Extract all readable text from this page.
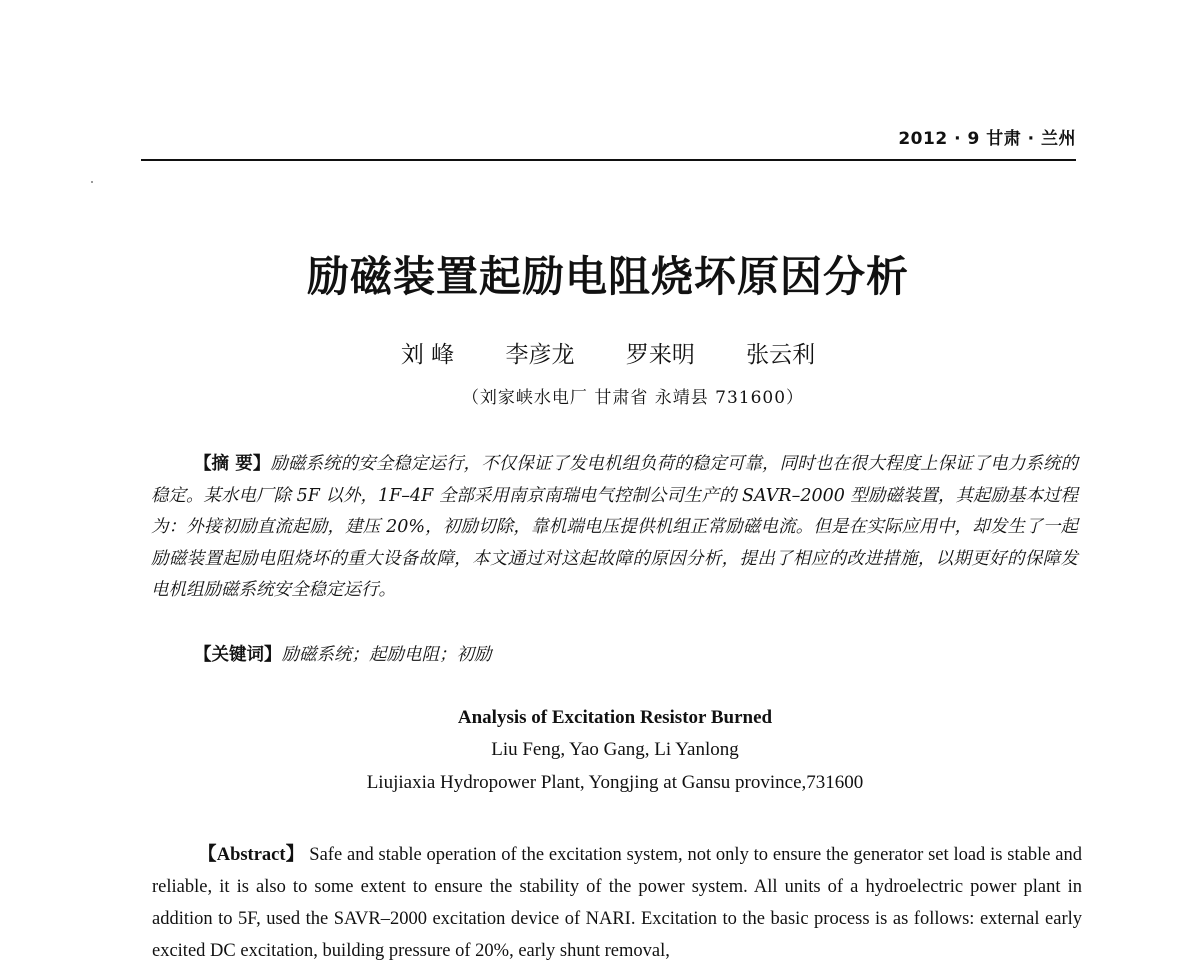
2012 · 9 甘肃 · 兰州
励磁装置起励电阻烧坏原因分析
刘 峰 李彦龙 罗来明 张云利
（刘家峡水电厂 甘肃省 永靖县 731600）

【摘 要】励磁系统的安全稳定运行，不仅保证了发电机组负荷的稳定可靠，同时也在很大程度上保证了电力系统的稳定。某水电厂除 5F 以外，1F–4F 全部采用南京南瑞电气控制公司生产的 SAVR–2000 型励磁装置，其起励基本过程为：外接初励直流起励，建压 20%，初励切除，靠机端电压提供机组正常励磁电流。但是在实际应用中，却发生了一起励磁装置起励电阻烧坏的重大设备故障，本文通过对这起故障的原因分析，提出了相应的改进措施，以期更好的保障发电机组励磁系统安全稳定运行。

【关键词】励磁系统；起励电阻；初励

Analysis of Excitation Resistor Burned
Liu Feng, Yao Gang, Li Yanlong
Liujiaxia Hydropower Plant, Yongjing at Gansu province,731600

【Abstract】 Safe and stable operation of the excitation system, not only to ensure the generator set load is stable and reliable, it is also to some extent to ensure the stability of the power system. All units of a hydroelectric power plant in addition to 5F, used the SAVR–2000 excitation device of NARI. Excitation to the basic process is as follows: external early excited DC excitation, building pressure of 20%, early shunt removal,
